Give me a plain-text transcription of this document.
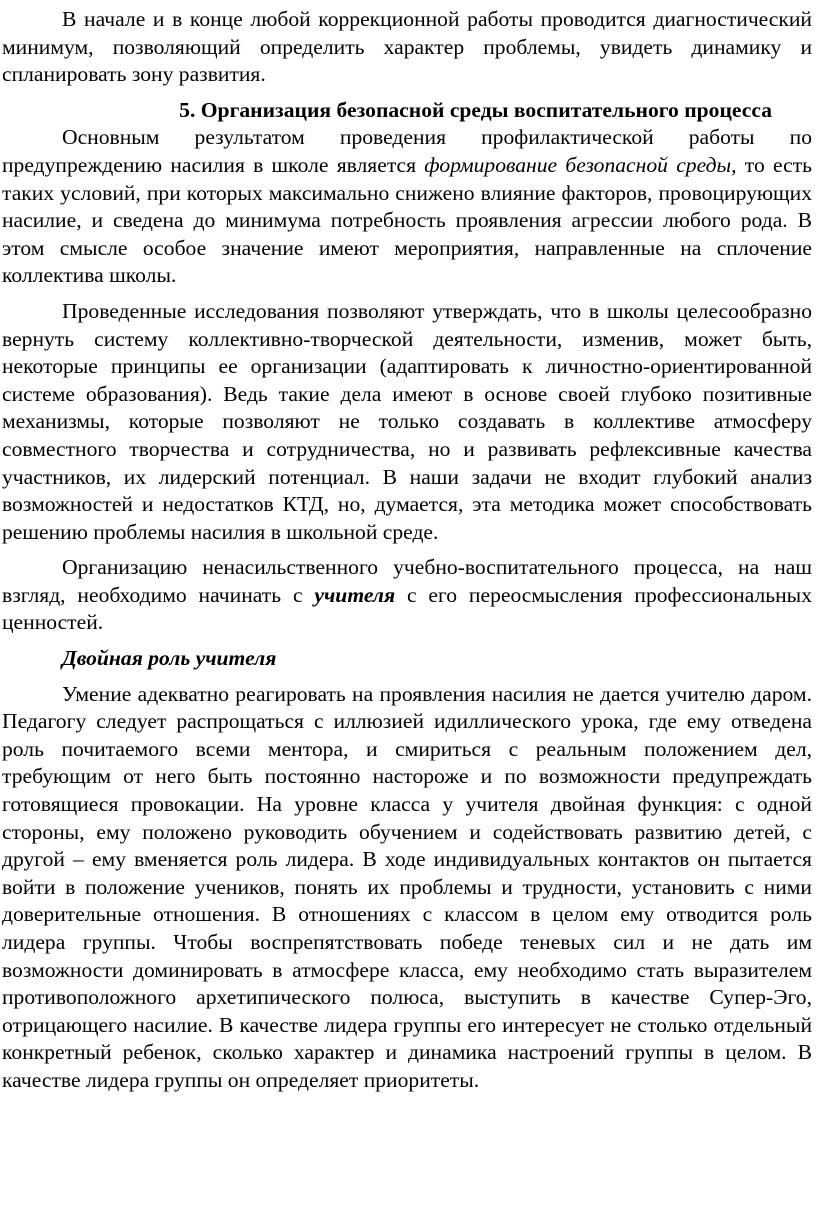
В начале и в конце любой коррекционной работы проводится диагностический минимум, позволяющий определить характер проблемы, увидеть динамику и спланировать зону развития.

5. Организация безопасной среды воспитательного процесса

Основным результатом проведения профилактической работы по предупреждению насилия в школе является формирование безопасной среды, то есть таких условий, при которых максимально снижено влияние факторов, провоцирующих насилие, и сведена до минимума потребность проявления агрессии любого рода. В этом смысле особое значение имеют мероприятия, направленные на сплочение коллектива школы.

Проведенные исследования позволяют утверждать, что в школы целесообразно вернуть систему коллективно-творческой деятельности, изменив, может быть, некоторые принципы ее организации (адаптировать к личностно-ориентированной системе образования). Ведь такие дела имеют в основе своей глубоко позитивные механизмы, которые позволяют не только создавать в коллективе атмосферу совместного творчества и сотрудничества, но и развивать рефлексивные качества участников, их лидерский потенциал. В наши задачи не входит глубокий анализ возможностей и недостатков КТД, но, думается, эта методика может способствовать решению проблемы насилия в школьной среде.

Организацию ненасильственного учебно-воспитательного процесса, на наш взгляд, необходимо начинать с учителя с его переосмысления профессиональных ценностей.

Двойная роль учителя

Умение адекватно реагировать на проявления насилия не дается учителю даром. Педагогу следует распрощаться с иллюзией идиллического урока, где ему отведена роль почитаемого всеми ментора, и смириться с реальным положением дел, требующим от него быть постоянно настороже и по возможности предупреждать готовящиеся провокации. На уровне класса у учителя двойная функция: с одной стороны, ему положено руководить обучением и содействовать развитию детей, с другой – ему вменяется роль лидера. В ходе индивидуальных контактов он пытается войти в положение учеников, понять их проблемы и трудности, установить с ними доверительные отношения. В отношениях с классом в целом ему отводится роль лидера группы. Чтобы воспрепятствовать победе теневых сил и не дать им возможности доминировать в атмосфере класса, ему необходимо стать выразителем противоположного архетипического полюса, выступить в качестве Супер-Эго, отрицающего насилие. В качестве лидера группы его интересует не столько отдельный конкретный ребенок, сколько характер и динамика настроений группы в целом. В качестве лидера группы он определяет приоритеты.
